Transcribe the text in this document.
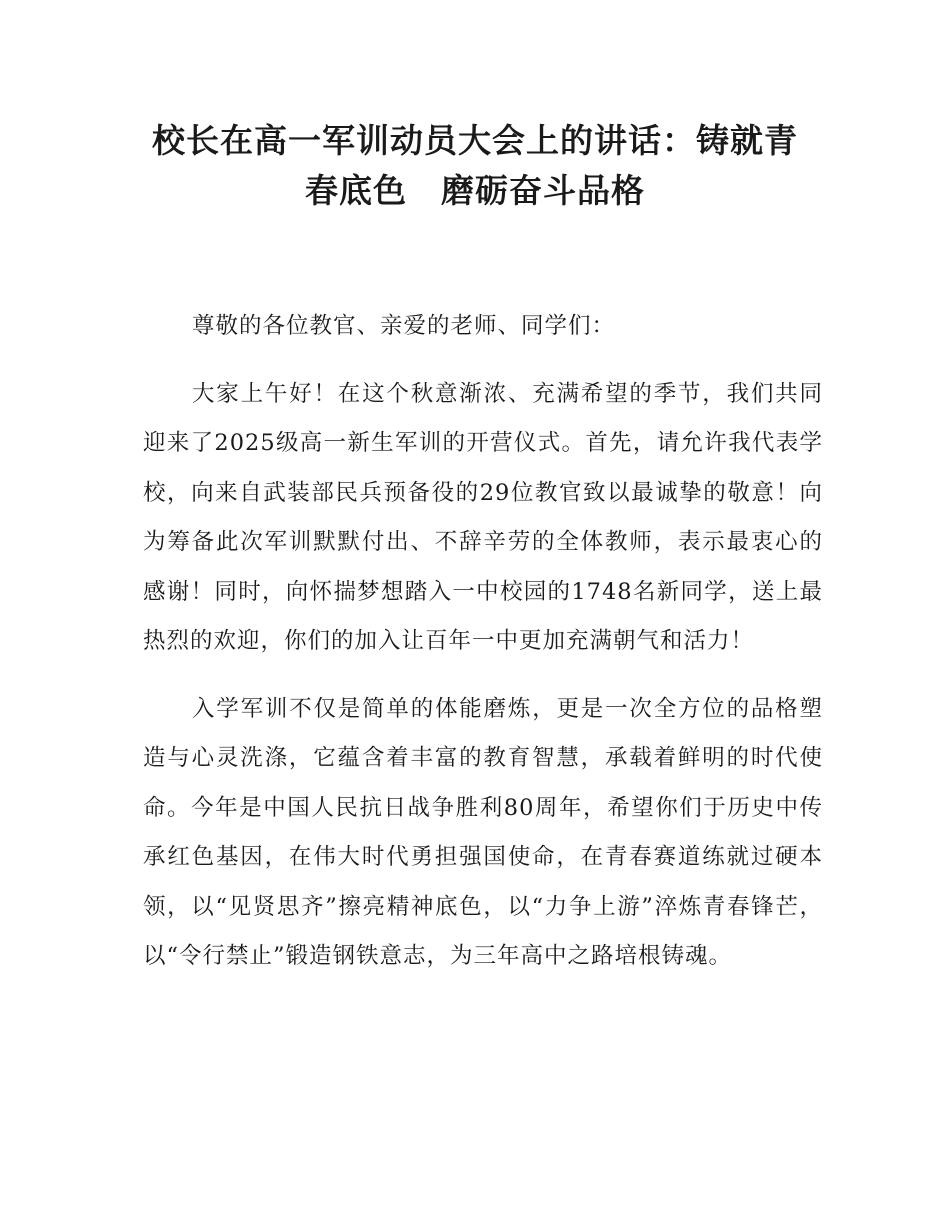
校长在高一军训动员大会上的讲话：铸就青
春底色　磨砺奋斗品格

尊敬的各位教官、亲爱的老师、同学们：

大家上午好！在这个秋意渐浓、充满希望的季节，我们共同迎来了2025级高一新生军训的开营仪式。首先，请允许我代表学校，向来自武装部民兵预备役的29位教官致以最诚挚的敬意！向为筹备此次军训默默付出、不辞辛劳的全体教师，表示最衷心的感谢！同时，向怀揣梦想踏入一中校园的1748名新同学，送上最热烈的欢迎，你们的加入让百年一中更加充满朝气和活力！

入学军训不仅是简单的体能磨炼，更是一次全方位的品格塑造与心灵洗涤，它蕴含着丰富的教育智慧，承载着鲜明的时代使命。今年是中国人民抗日战争胜利80周年，希望你们于历史中传承红色基因，在伟大时代勇担强国使命，在青春赛道练就过硬本领，以“见贤思齐”擦亮精神底色，以“力争上游”淬炼青春锋芒，以“令行禁止”锻造钢铁意志，为三年高中之路培根铸魂。
